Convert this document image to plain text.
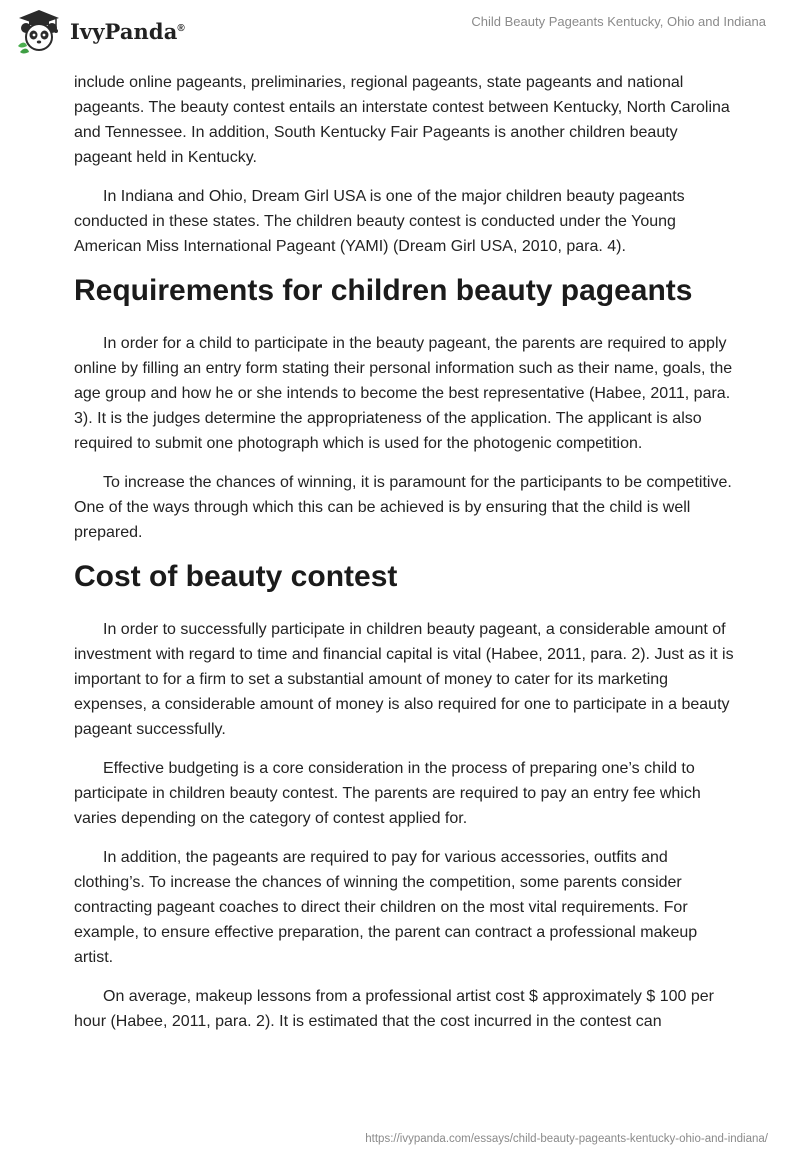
IvyPanda®	Child Beauty Pageants Kentucky, Ohio and Indiana

include online pageants, preliminaries, regional pageants, state pageants and national pageants. The beauty contest entails an interstate contest between Kentucky, North Carolina and Tennessee. In addition, South Kentucky Fair Pageants is another children beauty pageant held in Kentucky.

In Indiana and Ohio, Dream Girl USA is one of the major children beauty pageants conducted in these states. The children beauty contest is conducted under the Young American Miss International Pageant (YAMI) (Dream Girl USA, 2010, para. 4).

Requirements for children beauty pageants

In order for a child to participate in the beauty pageant, the parents are required to apply online by filling an entry form stating their personal information such as their name, goals, the age group and how he or she intends to become the best representative (Habee, 2011, para. 3). It is the judges determine the appropriateness of the application. The applicant is also required to submit one photograph which is used for the photogenic competition.

To increase the chances of winning, it is paramount for the participants to be competitive. One of the ways through which this can be achieved is by ensuring that the child is well prepared.

Cost of beauty contest

In order to successfully participate in children beauty pageant, a considerable amount of investment with regard to time and financial capital is vital (Habee, 2011, para. 2). Just as it is important to for a firm to set a substantial amount of money to cater for its marketing expenses, a considerable amount of money is also required for one to participate in a beauty pageant successfully.

Effective budgeting is a core consideration in the process of preparing one’s child to participate in children beauty contest. The parents are required to pay an entry fee which varies depending on the category of contest applied for.

In addition, the pageants are required to pay for various accessories, outfits and clothing’s. To increase the chances of winning the competition, some parents consider contracting pageant coaches to direct their children on the most vital requirements. For example, to ensure effective preparation, the parent can contract a professional makeup artist.

On average, makeup lessons from a professional artist cost $ approximately $ 100 per hour (Habee, 2011, para. 2). It is estimated that the cost incurred in the contest can

https://ivypanda.com/essays/child-beauty-pageants-kentucky-ohio-and-indiana/
